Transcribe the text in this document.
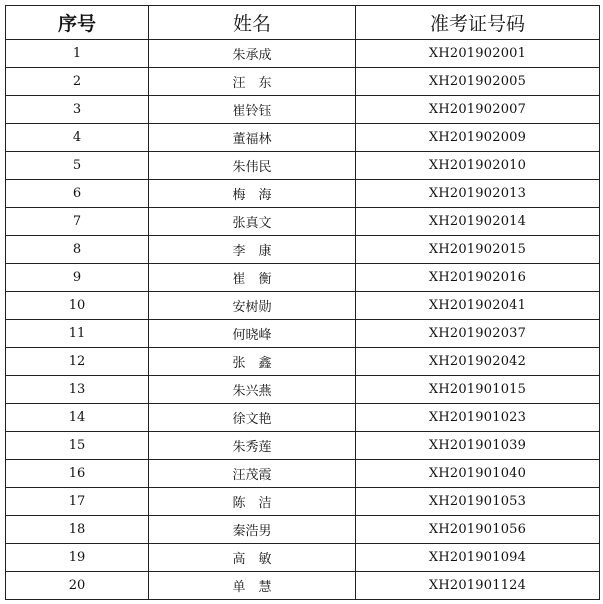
序号	姓名	准考证号码
1	朱承成	XH201902001
2	汪　东	XH201902005
3	崔铃钰	XH201902007
4	董福林	XH201902009
5	朱伟民	XH201902010
6	梅　海	XH201902013
7	张真文	XH201902014
8	李　康	XH201902015
9	崔　衡	XH201902016
10	安树勋	XH201902041
11	何晓峰	XH201902037
12	张　鑫	XH201902042
13	朱兴燕	XH201901015
14	徐文艳	XH201901023
15	朱秀莲	XH201901039
16	汪茂霞	XH201901040
17	陈　洁	XH201901053
18	秦浩男	XH201901056
19	高　敏	XH201901094
20	单　慧	XH201901124
